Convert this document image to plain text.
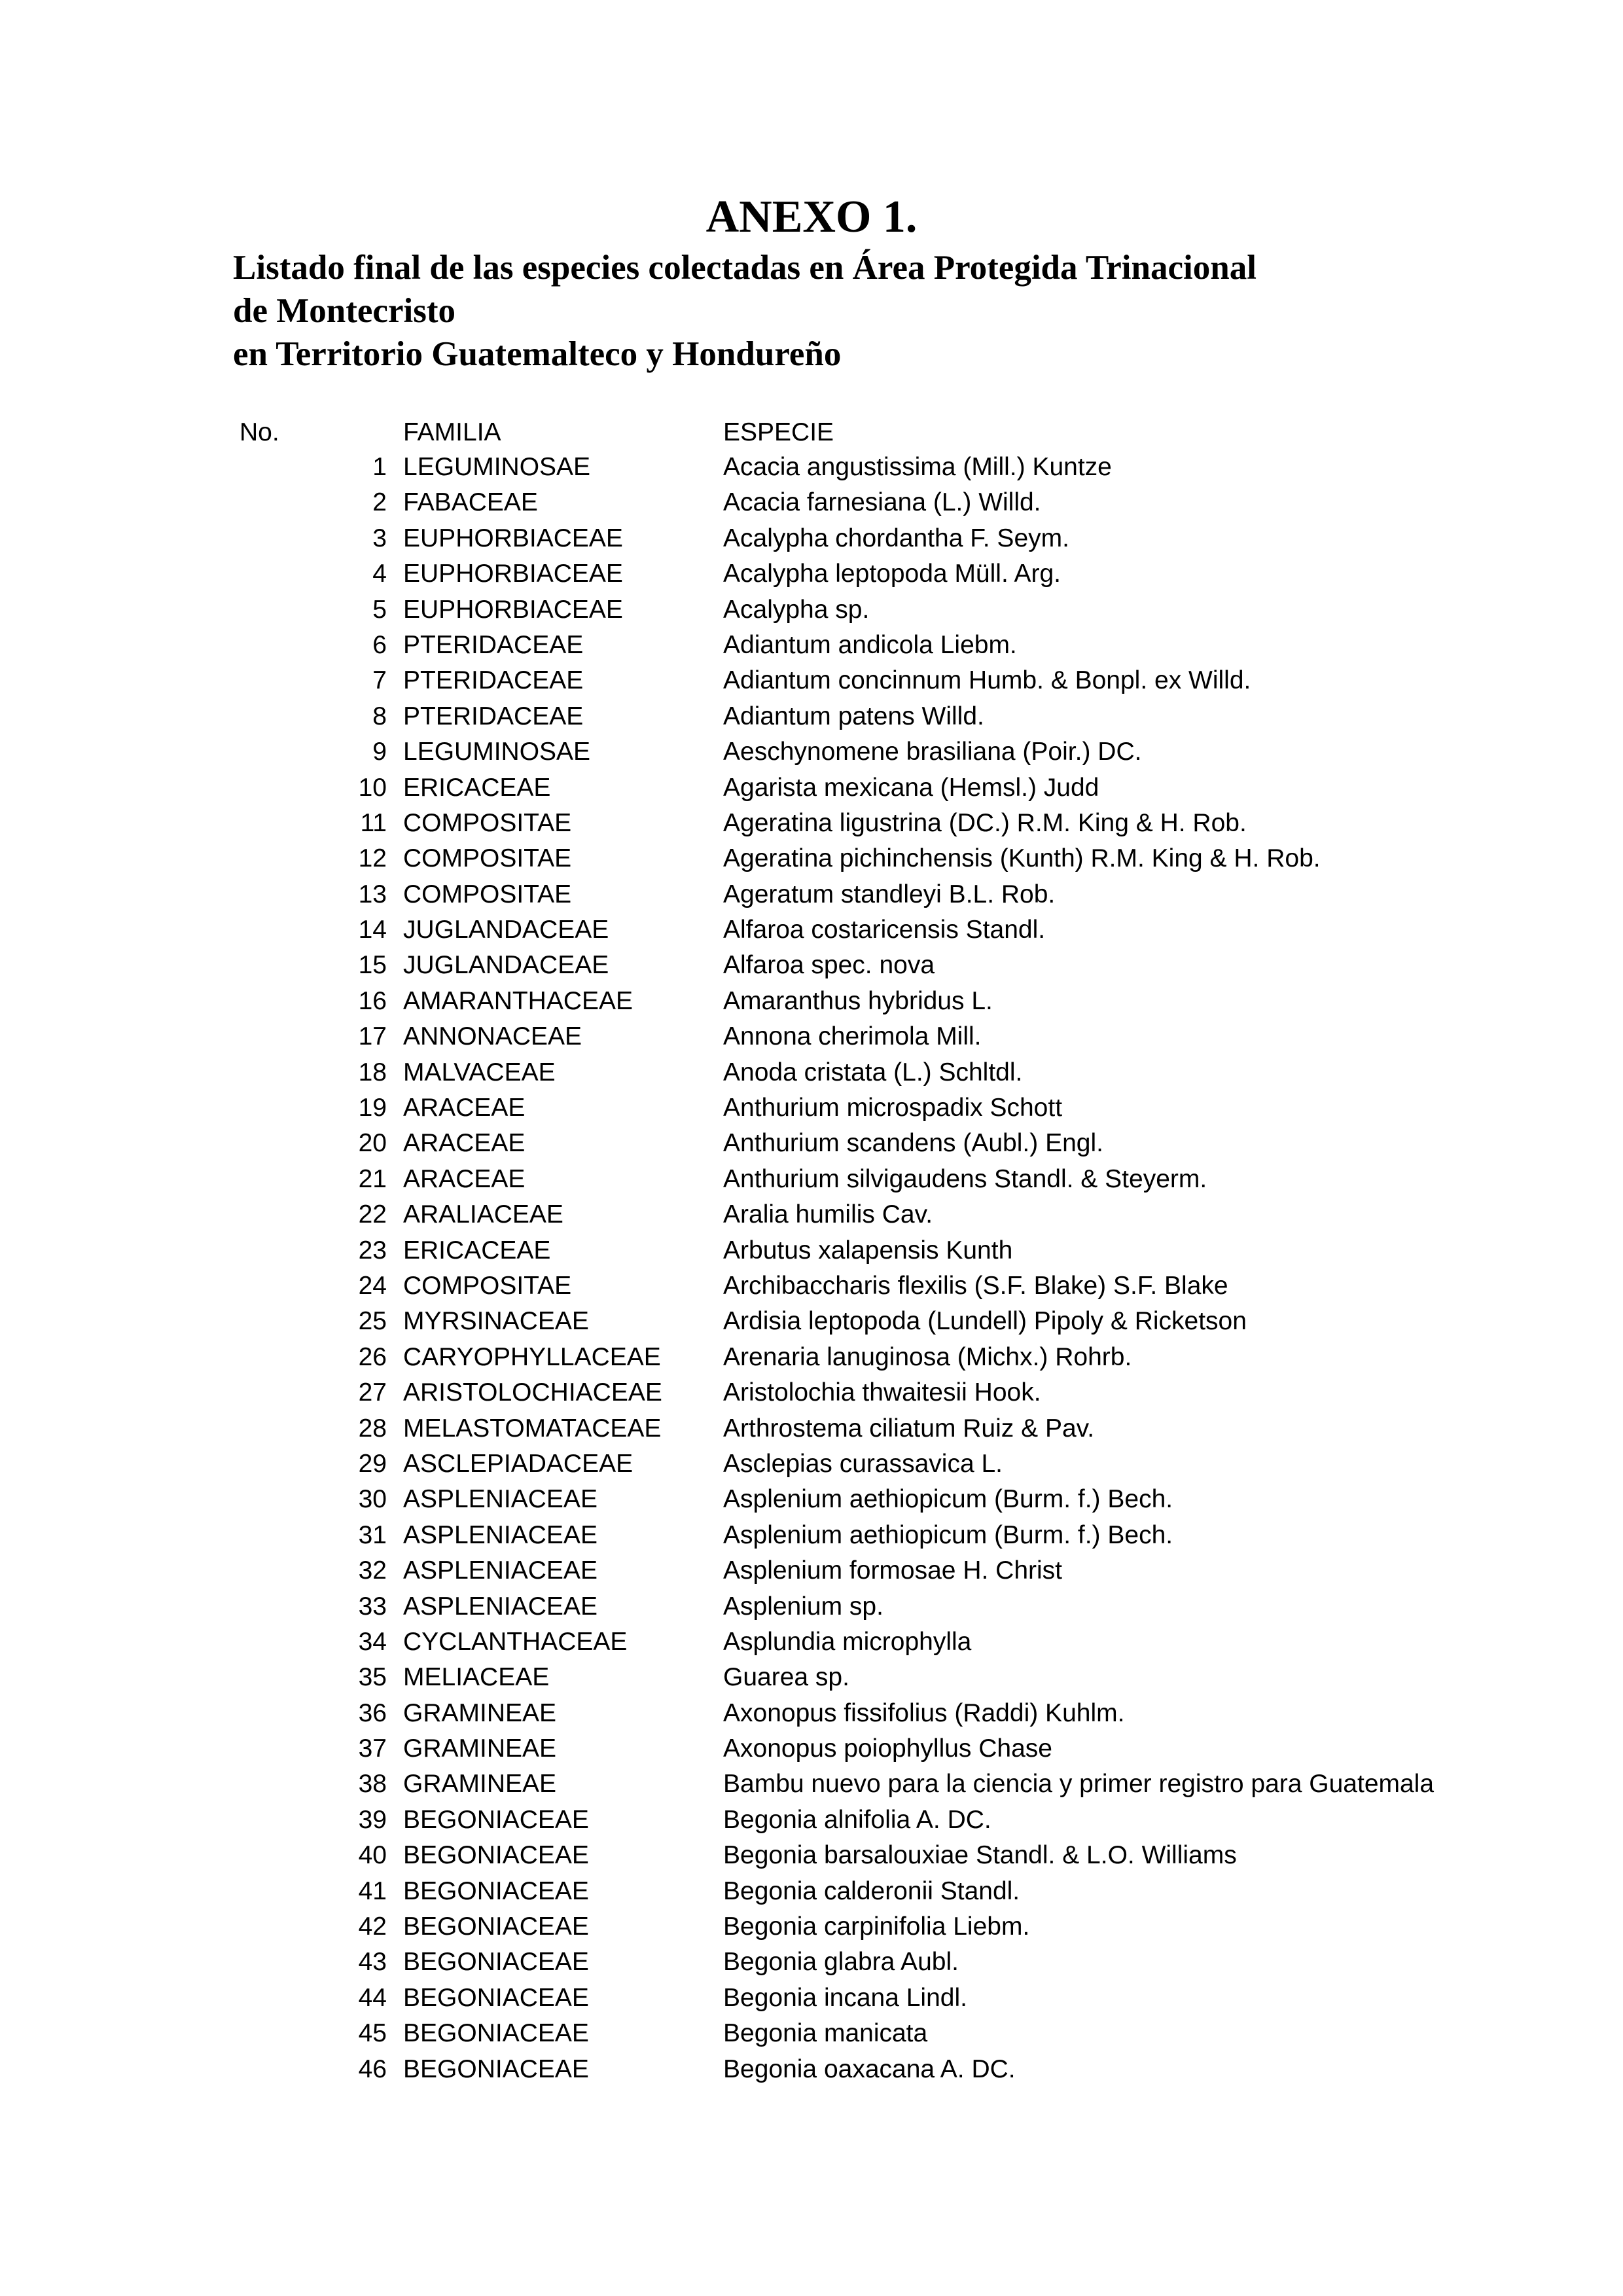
ANEXO 1.
Listado final de las especies colectadas en Área Protegida Trinacional
de Montecristo
en Territorio Guatemalteco y Hondureño
No.	FAMILIA	ESPECIE
1 LEGUMINOSAE	Acacia angustissima (Mill.) Kuntze
2 FABACEAE	Acacia farnesiana (L.) Willd.
3 EUPHORBIACEAE	Acalypha chordantha F. Seym.
4 EUPHORBIACEAE	Acalypha leptopoda Müll. Arg.
5 EUPHORBIACEAE	Acalypha sp.
6 PTERIDACEAE	Adiantum andicola Liebm.
7 PTERIDACEAE	Adiantum concinnum Humb. & Bonpl. ex Willd.
8 PTERIDACEAE	Adiantum patens Willd.
9 LEGUMINOSAE	Aeschynomene brasiliana (Poir.) DC.
10 ERICACEAE	Agarista mexicana (Hemsl.) Judd
11 COMPOSITAE	Ageratina ligustrina (DC.) R.M. King & H. Rob.
12 COMPOSITAE	Ageratina pichinchensis (Kunth) R.M. King & H. Rob.
13 COMPOSITAE	Ageratum standleyi B.L. Rob.
14 JUGLANDACEAE	Alfaroa costaricensis Standl.
15 JUGLANDACEAE	Alfaroa spec. nova
16 AMARANTHACEAE	Amaranthus hybridus L.
17 ANNONACEAE	Annona cherimola Mill.
18 MALVACEAE	Anoda cristata (L.) Schltdl.
19 ARACEAE	Anthurium microspadix Schott
20 ARACEAE	Anthurium scandens (Aubl.) Engl.
21 ARACEAE	Anthurium silvigaudens Standl. & Steyerm.
22 ARALIACEAE	Aralia humilis Cav.
23 ERICACEAE	Arbutus xalapensis Kunth
24 COMPOSITAE	Archibaccharis flexilis (S.F. Blake) S.F. Blake
25 MYRSINACEAE	Ardisia leptopoda (Lundell) Pipoly & Ricketson
26 CARYOPHYLLACEAE Arenaria lanuginosa (Michx.) Rohrb.
27 ARISTOLOCHIACEAE Aristolochia thwaitesii Hook.
28 MELASTOMATACEAE Arthrostema ciliatum Ruiz & Pav.
29 ASCLEPIADACEAE	Asclepias curassavica L.
30 ASPLENIACEAE	Asplenium aethiopicum (Burm. f.) Bech.
31 ASPLENIACEAE	Asplenium aethiopicum (Burm. f.) Bech.
32 ASPLENIACEAE	Asplenium formosae H. Christ
33 ASPLENIACEAE	Asplenium sp.
34 CYCLANTHACEAE	Asplundia microphylla
35 MELIACEAE	Guarea sp.
36 GRAMINEAE	Axonopus fissifolius (Raddi) Kuhlm.
37 GRAMINEAE	Axonopus poiophyllus Chase
38 GRAMINEAE	Bambu nuevo para la ciencia y primer registro para Guatemala
39 BEGONIACEAE	Begonia alnifolia A. DC.
40 BEGONIACEAE	Begonia barsalouxiae Standl. & L.O. Williams
41 BEGONIACEAE	Begonia calderonii Standl.
42 BEGONIACEAE	Begonia carpinifolia Liebm.
43 BEGONIACEAE	Begonia glabra Aubl.
44 BEGONIACEAE	Begonia incana Lindl.
45 BEGONIACEAE	Begonia manicata
46 BEGONIACEAE	Begonia oaxacana A. DC.
